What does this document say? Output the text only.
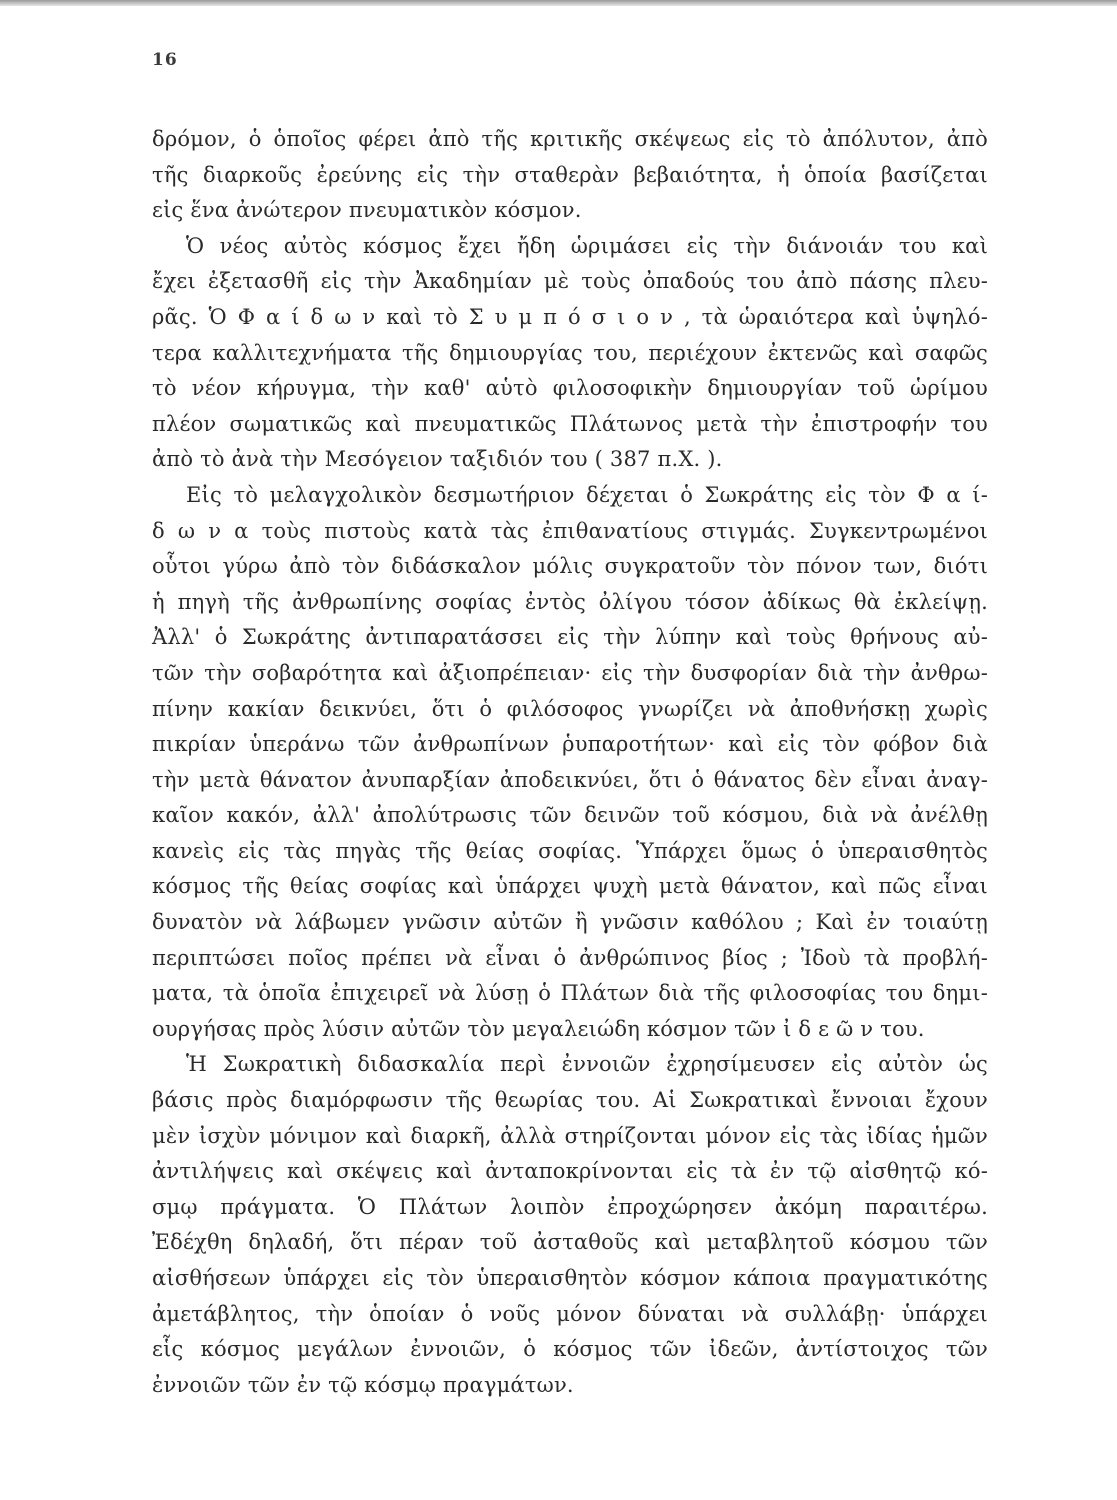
16
δρόμον, ὁ ὁποῖος φέρει ἀπὸ τῆς κριτικῆς σκέψεως εἰς τὸ ἀπόλυτον, ἀπὸ
τῆς διαρκοῦς ἐρεύνης εἰς τὴν σταθερὰν βεβαιότητα, ἡ ὁποία βασίζεται
εἰς ἕνα ἀνώτερον πνευματικὸν κόσμον.
Ὁ νέος αὐτὸς κόσμος ἔχει ἤδη ὡριμάσει εἰς τὴν διάνοιάν του καὶ
ἔχει ἐξετασθῆ εἰς τὴν Ἀκαδημίαν μὲ τοὺς ὀπαδούς του ἀπὸ πάσης πλευ-
ρᾶς. Ὁ Φ α ί δ ω ν καὶ τὸ Σ υ μ π ό σ ι ο ν , τὰ ὡραιότερα καὶ ὑψηλό-
τερα καλλιτεχνήματα τῆς δημιουργίας του, περιέχουν ἐκτενῶς καὶ σαφῶς
τὸ νέον κήρυγμα, τὴν καθ' αὑτὸ φιλοσοφικὴν δημιουργίαν τοῦ ὡρίμου
πλέον σωματικῶς καὶ πνευματικῶς Πλάτωνος μετὰ τὴν ἐπιστροφήν του
ἀπὸ τὸ ἀνὰ τὴν Μεσόγειον ταξιδιόν του ( 387 π.Χ. ).
Εἰς τὸ μελαγχολικὸν δεσμωτήριον δέχεται ὁ Σωκράτης εἰς τὸν Φ α ί-
δ ω ν α τοὺς πιστοὺς κατὰ τὰς ἐπιθανατίους στιγμάς. Συγκεντρωμένοι
οὗτοι γύρω ἀπὸ τὸν διδάσκαλον μόλις συγκρατοῦν τὸν πόνον των, διότι
ἡ πηγὴ τῆς ἀνθρωπίνης σοφίας ἐντὸς ὀλίγου τόσον ἀδίκως θὰ ἐκλείψῃ.
Ἀλλ' ὁ Σωκράτης ἀντιπαρατάσσει εἰς τὴν λύπην καὶ τοὺς θρήνους αὐ-
τῶν τὴν σοβαρότητα καὶ ἀξιοπρέπειαν· εἰς τὴν δυσφορίαν διὰ τὴν ἀνθρω-
πίνην κακίαν δεικνύει, ὅτι ὁ φιλόσοφος γνωρίζει νὰ ἀποθνήσκῃ χωρὶς
πικρίαν ὑπεράνω τῶν ἀνθρωπίνων ῥυπαροτήτων· καὶ εἰς τὸν φόβον διὰ
τὴν μετὰ θάνατον ἀνυπαρξίαν ἀποδεικνύει, ὅτι ὁ θάνατος δὲν εἶναι ἀναγ-
καῖον κακόν, ἀλλ' ἀπολύτρωσις τῶν δεινῶν τοῦ κόσμου, διὰ νὰ ἀνέλθῃ
κανεὶς εἰς τὰς πηγὰς τῆς θείας σοφίας. Ὑπάρχει ὅμως ὁ ὑπεραισθητὸς
κόσμος τῆς θείας σοφίας καὶ ὑπάρχει ψυχὴ μετὰ θάνατον, καὶ πῶς εἶναι
δυνατὸν νὰ λάβωμεν γνῶσιν αὐτῶν ἢ γνῶσιν καθόλου ; Καὶ ἐν τοιαύτῃ
περιπτώσει ποῖος πρέπει νὰ εἶναι ὁ ἀνθρώπινος βίος ; Ἰδοὺ τὰ προβλή-
ματα, τὰ ὁποῖα ἐπιχειρεῖ νὰ λύσῃ ὁ Πλάτων διὰ τῆς φιλοσοφίας του δημι-
ουργήσας πρὸς λύσιν αὐτῶν τὸν μεγαλειώδη κόσμον τῶν ἰ δ ε ῶ ν του.
Ἡ Σωκρατικὴ διδασκαλία περὶ ἐννοιῶν ἐχρησίμευσεν εἰς αὐτὸν ὡς
βάσις πρὸς διαμόρφωσιν τῆς θεωρίας του. Αἱ Σωκρατικαὶ ἔννοιαι ἔχουν
μὲν ἰσχὺν μόνιμον καὶ διαρκῆ, ἀλλὰ στηρίζονται μόνον εἰς τὰς ἰδίας ἡμῶν
ἀντιλήψεις καὶ σκέψεις καὶ ἀνταποκρίνονται εἰς τὰ ἐν τῷ αἰσθητῷ κό-
σμῳ πράγματα. Ὁ Πλάτων λοιπὸν ἐπροχώρησεν ἀκόμη παραιτέρω.
Ἐδέχθη δηλαδή, ὅτι πέραν τοῦ ἀσταθοῦς καὶ μεταβλητοῦ κόσμου τῶν
αἰσθήσεων ὑπάρχει εἰς τὸν ὑπεραισθητὸν κόσμον κάποια πραγματικότης
ἀμετάβλητος, τὴν ὁποίαν ὁ νοῦς μόνον δύναται νὰ συλλάβῃ· ὑπάρχει
εἷς κόσμος μεγάλων ἐννοιῶν, ὁ κόσμος τῶν ἰδεῶν, ἀντίστοιχος τῶν
ἐννοιῶν τῶν ἐν τῷ κόσμῳ πραγμάτων.
